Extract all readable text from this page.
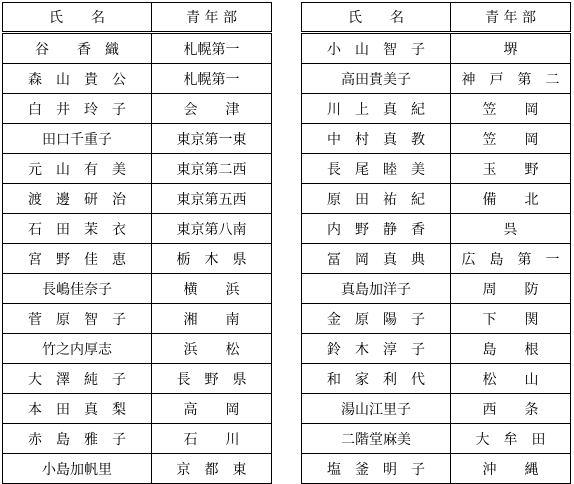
氏　　名	青 年 部
谷　　香　織	札幌第一
森　山　貴　公	札幌第一
白　井　玲　子	会　　津
田口千重子	東京第一東
元　山　有　美	東京第二西
渡　邊　研　治	東京第五西
石　田　茉　衣	東京第八南
宮　野　佳　恵	栃　木　県
長嶋佳奈子	横　　浜
菅　原　智　子	湘　　南
竹之内厚志	浜　　松
大　澤　純　子	長　野　県
本　田　真　梨	高　　岡
赤　島　雅　子	石　　川
小島加帆里	京　都　東
氏　　名	青 年 部
小　山　智　子	堺
高田貴美子	神　戸　第　二
川　上　真　紀	笠　　岡
中　村　真　教	笠　　岡
長　尾　睦　美	玉　　野
原　田　祐　紀	備　　北
内　野　静　香	呉
冨　岡　真　典	広　島　第　一
真島加洋子	周　　防
金　原　陽　子	下　　関
鈴　木　淳　子	島　　根
和　家　利　代	松　　山
湯山江里子	西　　条
二階堂麻美	大　牟　田
塩　釜　明　子	沖　　縄
